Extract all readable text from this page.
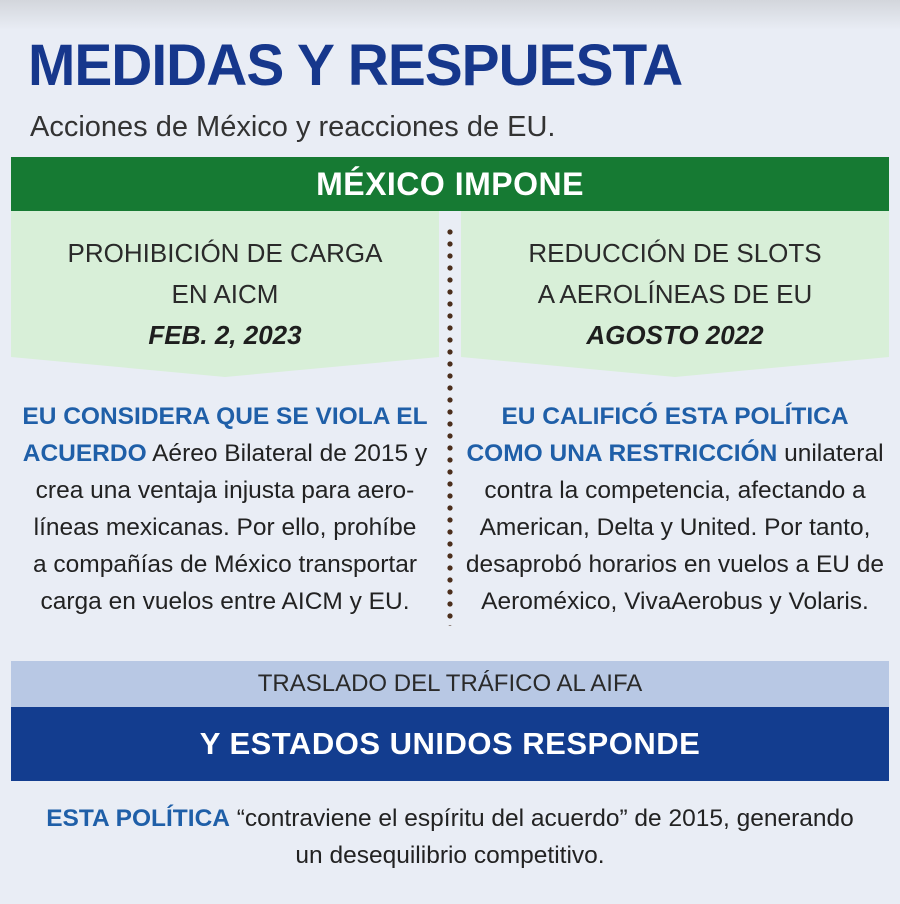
MEDIDAS Y RESPUESTA
Acciones de México y reacciones de EU.
MÉXICO IMPONE
PROHIBICIÓN DE CARGA
EN AICM
FEB. 2, 2023
REDUCCIÓN DE SLOTS
A AEROLÍNEAS DE EU
AGOSTO 2022
EU CONSIDERA QUE SE VIOLA EL
ACUERDO Aéreo Bilateral de 2015 y
crea una ventaja injusta para aero-
líneas mexicanas. Por ello, prohíbe
a compañías de México transportar
carga en vuelos entre AICM y EU.
EU CALIFICÓ ESTA POLÍTICA
COMO UNA RESTRICCIÓN unilateral
contra la competencia, afectando a
American, Delta y United. Por tanto,
desaprobó horarios en vuelos a EU de
Aeroméxico, VivaAerobus y Volaris.
TRASLADO DEL TRÁFICO AL AIFA
Y ESTADOS UNIDOS RESPONDE
ESTA POLÍTICA “contraviene el espíritu del acuerdo” de 2015, generando
un desequilibrio competitivo.
